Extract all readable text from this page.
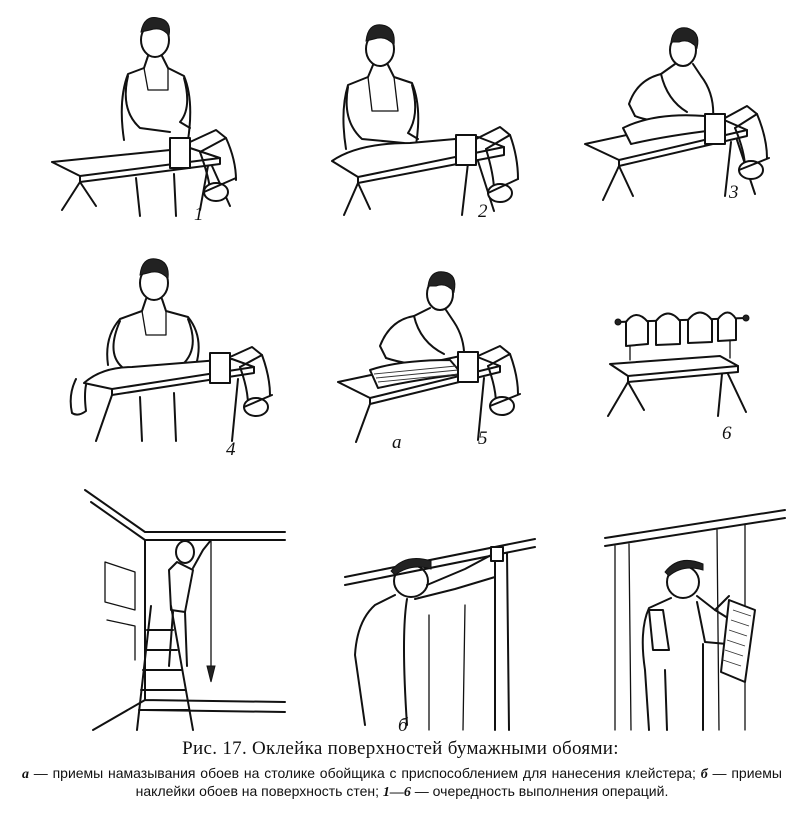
1	2
3
4	а	5	6
б
Рис. 17. Оклейка поверхностей бумажными обоями:
а — приемы намазывания обоев на столике обойщика с приспособлением для нанесения клейстера; б — приемы наклейки обоев на поверхность стен; 1—6 — очередность выполнения операций.
